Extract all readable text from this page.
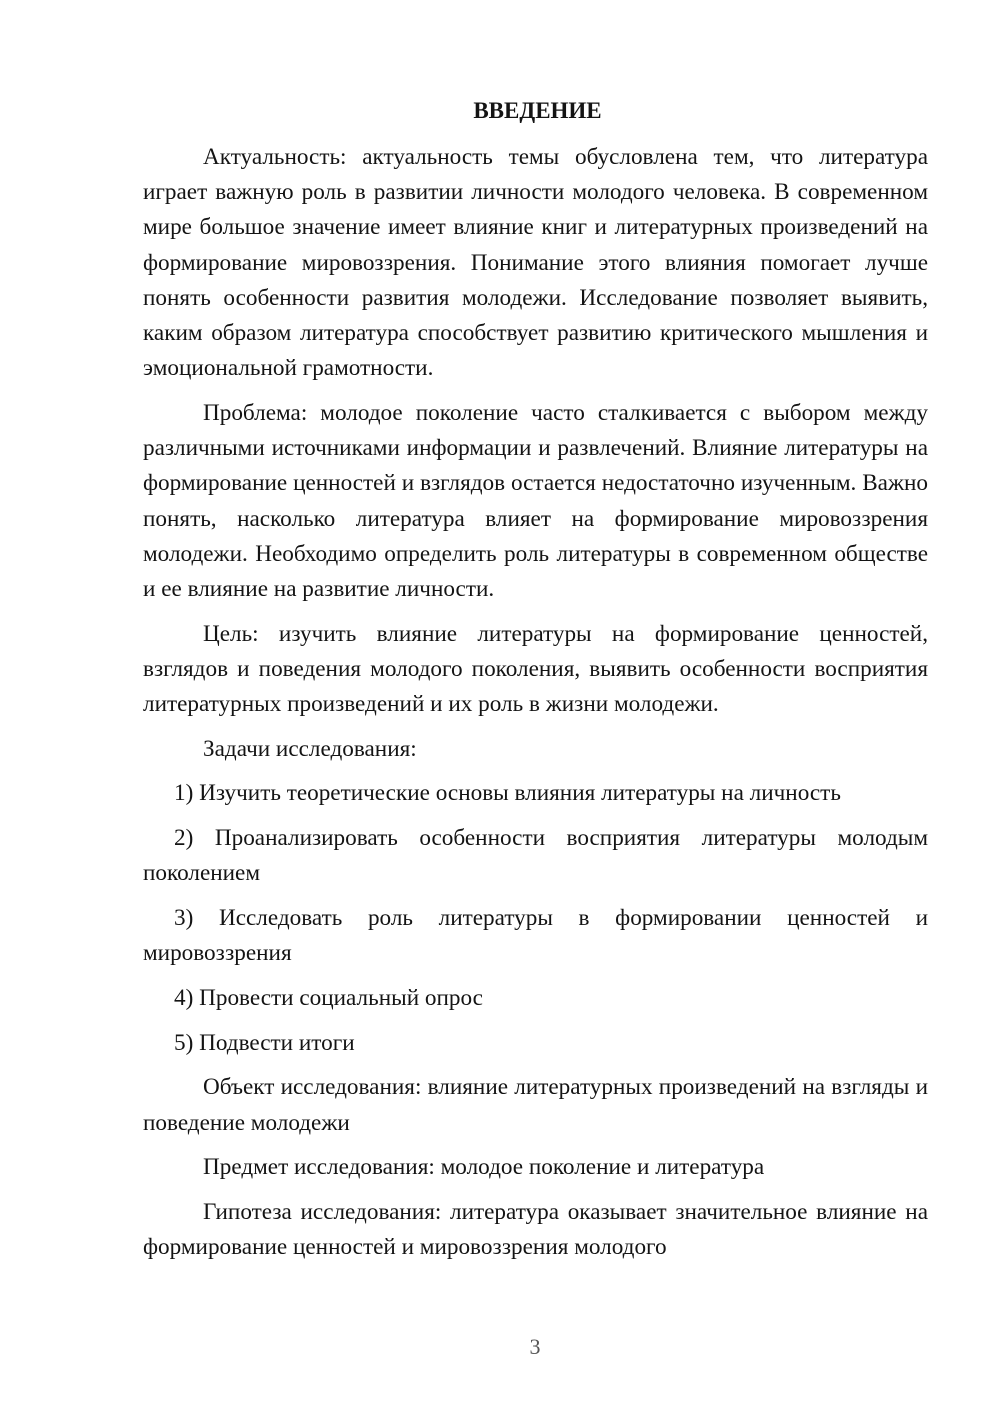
ВВЕДЕНИЕ

Актуальность: актуальность темы обусловлена тем, что литература играет важную роль в развитии личности молодого человека. В современном мире большое значение имеет влияние книг и литературных произведений на формирование мировоззрения. Понимание этого влияния помогает лучше понять особенности развития молодежи. Исследование позволяет выявить, каким образом литература способствует развитию критического мышления и эмоциональной грамотности.

Проблема: молодое поколение часто сталкивается с выбором между различными источниками информации и развлечений. Влияние литературы на формирование ценностей и взглядов остается недостаточно изученным. Важно понять, насколько литература влияет на формирование мировоззрения молодежи. Необходимо определить роль литературы в современном обществе и ее влияние на развитие личности.

Цель: изучить влияние литературы на формирование ценностей, взглядов и поведения молодого поколения, выявить особенности восприятия литературных произведений и их роль в жизни молодежи.

Задачи исследования:

1) Изучить теоретические основы влияния литературы на личность

2) Проанализировать особенности восприятия литературы молодым поколением

3) Исследовать роль литературы в формировании ценностей и мировоззрения

4) Провести социальный опрос

5) Подвести итоги

Объект исследования: влияние литературных произведений на взгляды и поведение молодежи

Предмет исследования: молодое поколение и литература

Гипотеза исследования: литература оказывает значительное влияние на формирование ценностей и мировоззрения молодого

3
